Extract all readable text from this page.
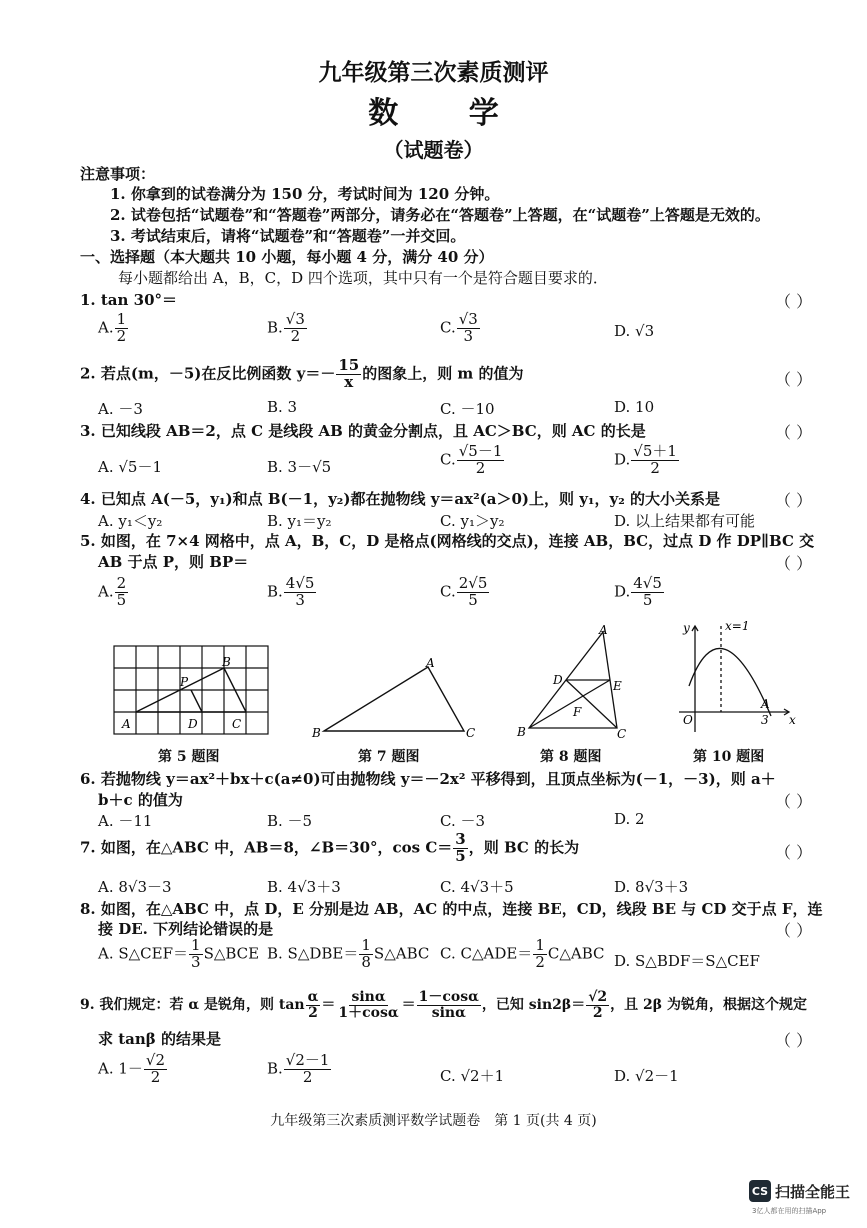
九年级第三次素质测评
数 学
（试题卷）
注意事项：
1. 你拿到的试卷满分为 150 分，考试时间为 120 分钟。
2. 试卷包括“试题卷”和“答题卷”两部分，请务必在“答题卷”上答题，在“试题卷”上答题是无效的。
3. 考试结束后，请将“试题卷”和“答题卷”一并交回。
一、选择题（本大题共 10 小题，每小题 4 分，满分 40 分）
每小题都给出 A，B，C，D 四个选项，其中只有一个是符合题目要求的．
1. tan 30°＝	（ ）
A. $\frac{1}{2}$	B. $\frac{√3}{2}$	C. $\frac{√3}{3}$	D. √3
2. 若点(m，－5)在反比例函数 $y=- \frac{15}{x}$ 的图象上，则 m 的值为	（ ）
A. －3	B. 3	C. －10	D. 10
3. 已知线段 AB＝2，点 C 是线段 AB 的黄金分割点，且 AC＞BC，则 AC 的长是	（ ）
A. √5－1	B. 3－√5	C. $\frac{√5-1}{2}$	D. $\frac{√5+1}{2}$
4. 已知点 A(－5，y₁)和点 B(－1，y₂)都在抛物线 y＝ax²(a＞0)上，则 y₁，y₂ 的大小关系是	（ ）
A. y₁＜y₂	B. y₁＝y₂	C. y₁＞y₂	D. 以上结果都有可能
5. 如图，在 7×4 网格中，点 A，B，C，D 是格点(网格线的交点)，连接 AB，BC，过点 D 作 DP∥BC 交
AB 于点 P，则 BP＝	（ ）
A. $\frac{2}{5}$	B. $\frac{4√5}{3}$	C. $\frac{2√5}{5}$	D. $\frac{4√5}{5}$
A
B
C
D
P
第 5 题图
B
A
C
第 7 题图
B
A
C
D	E
F
第 8 题图
y
x
O
A
3
x=1
第 10 题图
6. 若抛物线 y＝ax²＋bx＋c(a≠0)可由抛物线 y＝－2x² 平移得到，且顶点坐标为(－1，－3)，则 a＋
b＋c 的值为	（ ）
A. －11	B. －5	C. －3	D. 2
7. 如图，在△ABC 中，AB＝8，∠B＝30°，$\cos C= \frac{3}{5}$ ，则 BC 的长为	（ ）
A. 8√3－3	B. 4√3＋3	C. 4√3＋5	D. 8√3＋3
8. 如图，在△ABC 中，点 D，E 分别是边 AB，AC 的中点，连接 BE，CD，线段 BE 与 CD 交于点 F，连
接 DE. 下列结论错误的是	（ ）
A. S△CEF＝ $\frac{1}{3}$ S△BCE B. S△DBE＝ $\frac{1}{8}$ S△ABC C. C△ADE＝ $\frac{1}{2}$ C△ABC D. S△BDF＝S△CEF
9. 我们规定：若 α 是锐角，则 $\tan \frac{\alpha}{2} = \frac{\sin\alpha}{1+\cos\alpha} = \frac{1-\cos\alpha}{\sin\alpha}$ ，已知 $\sin 2\beta= \frac{√2}{2}$ ，且 2β 为锐角，根据这个规定
求 tanβ 的结果是	（ ）
A. $1- \frac{√2}{2}$	B. $\frac{√2-1}{2}$	C. √2＋1	D. √2－1
九年级第三次素质测评数学试题卷　第 1 页(共 4 页)
CS 扫描全能王
3亿人都在用的扫描App
